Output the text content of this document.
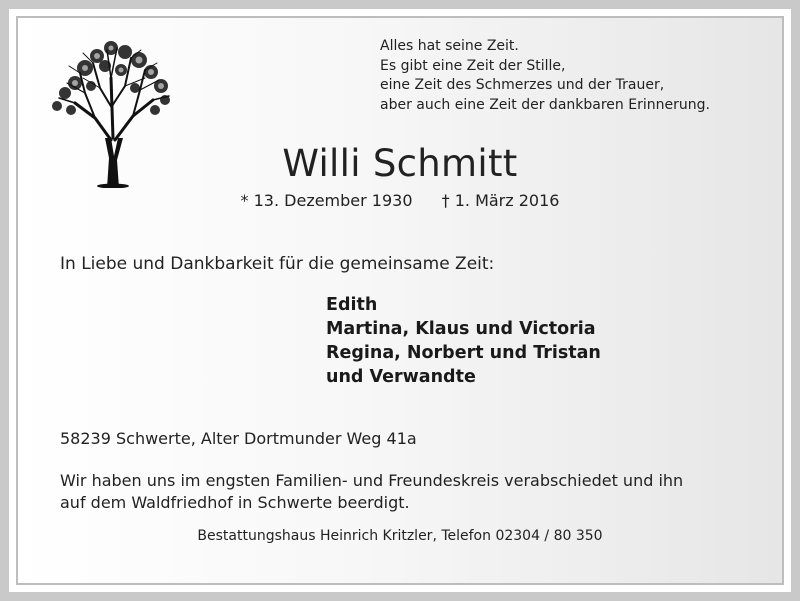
Alles hat seine Zeit.
Es gibt eine Zeit der Stille,
eine Zeit des Schmerzes und der Trauer,
aber auch eine Zeit der dankbaren Erinnerung.
Willi Schmitt
* 13. Dezember 1930 † 1. März 2016
In Liebe und Dankbarkeit für die gemeinsame Zeit:
Edith
Martina, Klaus und Victoria
Regina, Norbert und Tristan
und Verwandte
58239 Schwerte, Alter Dortmunder Weg 41a
Wir haben uns im engsten Familien- und Freundeskreis verabschiedet und ihn
auf dem Waldfriedhof in Schwerte beerdigt.
Bestattungshaus Heinrich Kritzler, Telefon 02304 / 80 350
